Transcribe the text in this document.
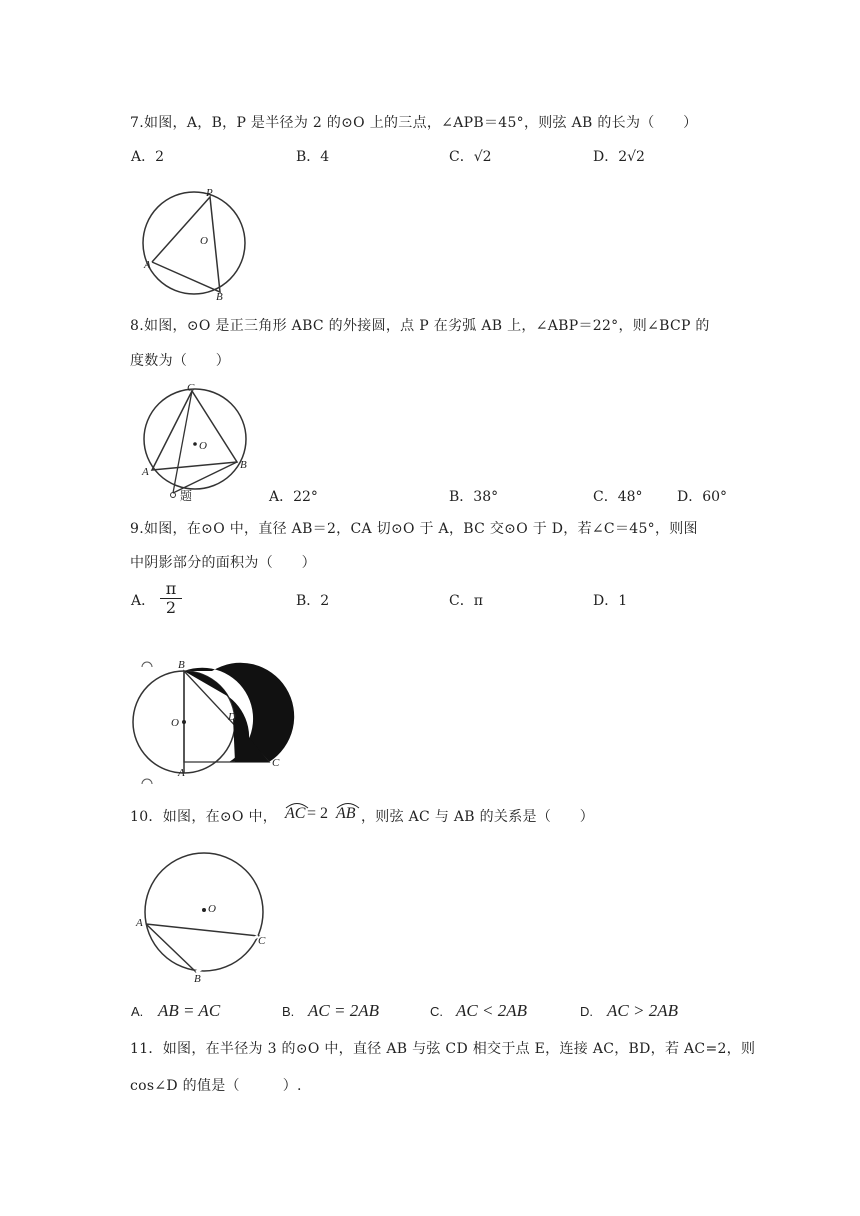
7.如图，A，B，P 是半径为 2 的⊙O 上的三点，∠APB＝45°，则弦 AB 的长为（　　）
A．2	B．4	C．√2	D．2√2
P
O
A
B
8.如图，⊙O 是正三角形 ABC 的外接圆，点 P 在劣弧 AB 上，∠ABP＝22°，则∠BCP 的
度数为（　　）
C
O
A
B
题	A．22°	B．38°	C．48° D．60°
9.如图，在⊙O 中，直径 AB＝2，CA 切⊙O 于 A，BC 交⊙O 于 D，若∠C＝45°，则图
中阴影部分的面积为（　　）
A． $\frac{\pi}{2}$	B．2	C．π	D．1
B
O	D
A
C
10．如图，在⊙O 中， AC = 2 AB ，则弦 AC 与 AB 的关系是（　　）
O
A
B
C
A. AB = AC	B. AC = 2AB	C. AC < 2AB	D. AC > 2AB
11．如图，在半径为 3 的⊙O 中，直径 AB 与弦 CD 相交于点 E，连接 AC，BD，若 AC=2，则
cos∠D 的值是（　　　）.
